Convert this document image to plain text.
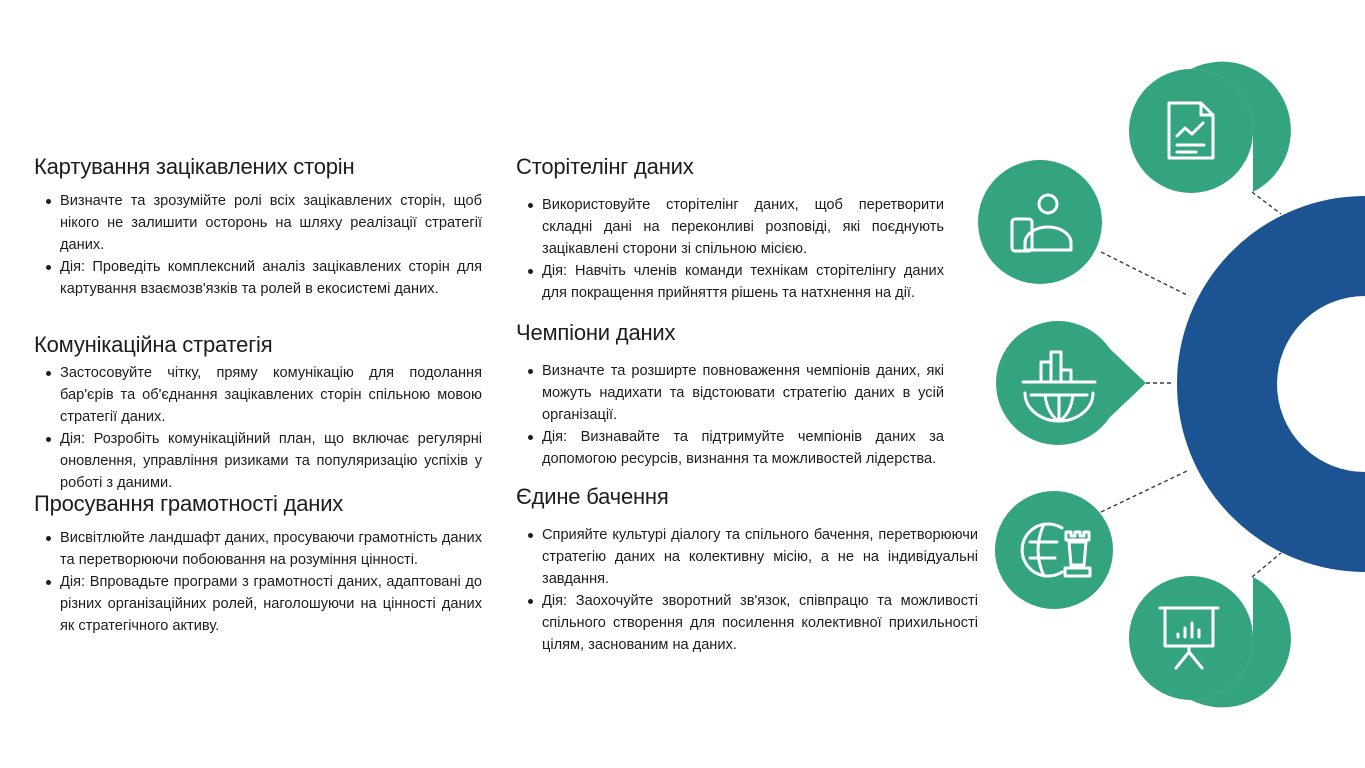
Картування зацікавлених сторін
Визначте та зрозумійте ролі всіх зацікавлених сторін, щоб нікого не залишити осторонь на шляху реалізації стратегії даних.
Дія: Проведіть комплексний аналіз зацікавлених сторін для картування взаємозв'язків та ролей в екосистемі даних.
Комунікаційна стратегія
Застосовуйте чітку, пряму комунікацію для подолання бар'єрів та об'єднання зацікавлених сторін спільною мовою стратегії даних.
Дія: Розробіть комунікаційний план, що включає регулярні оновлення, управління ризиками та популяризацію успіхів у роботі з даними.
Просування грамотності даних
Висвітлюйте ландшафт даних, просуваючи грамотність даних та перетворюючи побоювання на розуміння цінності.
Дія: Впровадьте програми з грамотності даних, адаптовані до різних організаційних ролей, наголошуючи на цінності даних як стратегічного активу.
Сторітелінг даних
Використовуйте сторітелінг даних, щоб перетворити складні дані на переконливі розповіді, які поєднують зацікавлені сторони зі спільною місією.
Дія: Навчіть членів команди технікам сторітелінгу даних для покращення прийняття рішень та натхнення на дії.
Чемпіони даних
Визначте та розширте повноваження чемпіонів даних, які можуть надихати та відстоювати стратегію даних в усій організації.
Дія: Визнавайте та підтримуйте чемпіонів даних за допомогою ресурсів, визнання та можливостей лідерства.
Єдине бачення
Сприяйте культурі діалогу та спільного бачення, перетворюючи стратегію даних на колективну місію, а не на індивідуальні завдання.
Дія: Заохочуйте зворотний зв'язок, співпрацю та можливості спільного створення для посилення колективної прихильності цілям, заснованим на даних.
